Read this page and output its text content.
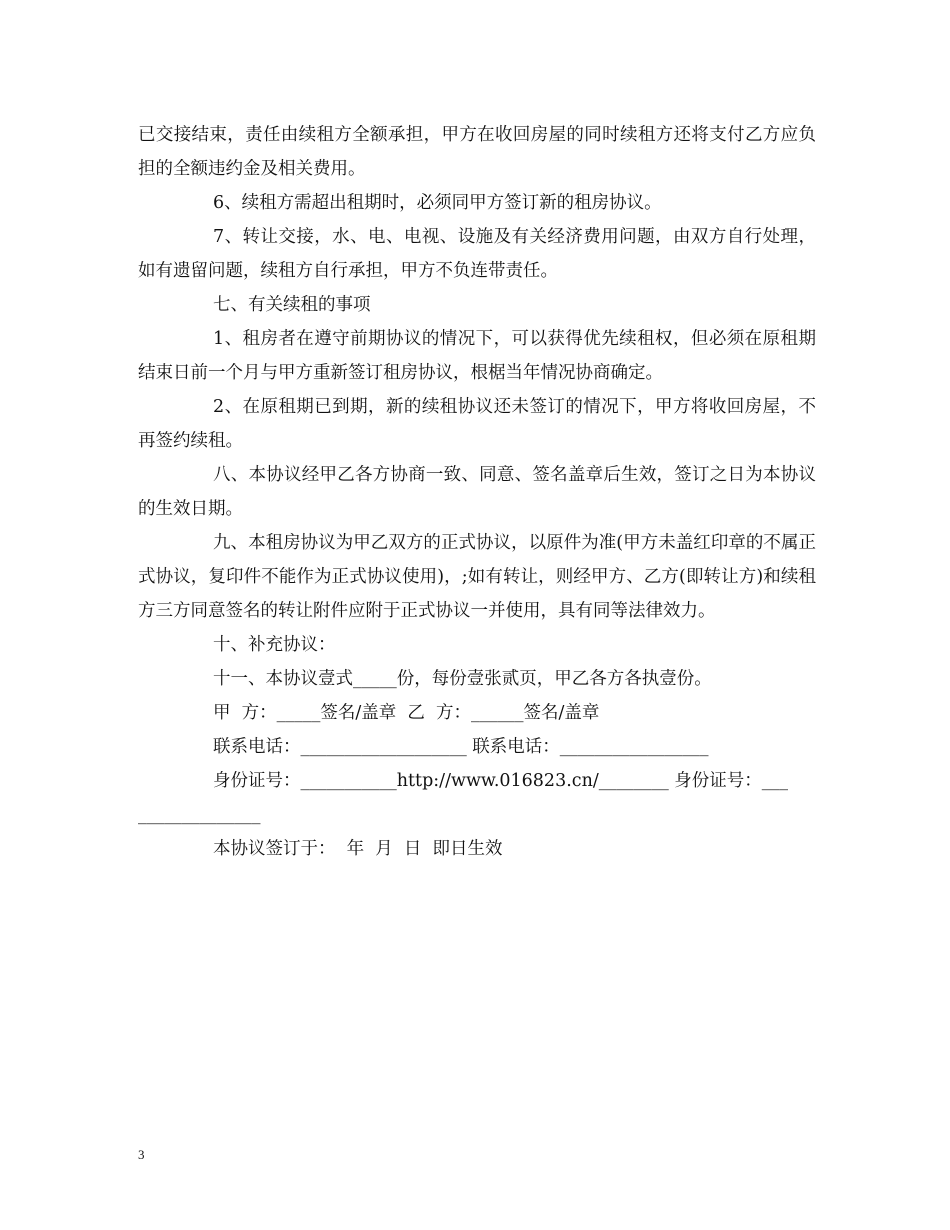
已交接结束，责任由续租方全额承担，甲方在收回房屋的同时续租方还将支付乙方应负担的全额违约金及相关费用。

6、续租方需超出租期时，必须同甲方签订新的租房协议。

7、转让交接，水、电、电视、设施及有关经济费用问题，由双方自行处理，如有遗留问题，续租方自行承担，甲方不负连带责任。

七、有关续租的事项

1、租房者在遵守前期协议的情况下，可以获得优先续租权，但必须在原租期结束日前一个月与甲方重新签订租房协议，根椐当年情况协商确定。

2、在原租期已到期，新的续租协议还未签订的情况下，甲方将收回房屋，不再签约续租。

八、本协议经甲乙各方协商一致、同意、签名盖章后生效，签订之日为本协议的生效日期。

九、本租房协议为甲乙双方的正式协议，以原件为准(甲方未盖红印章的不属正式协议，复印件不能作为正式协议使用)，;如有转让，则经甲方、乙方(即转让方)和续租方三方同意签名的转让附件应附于正式协议一并使用，具有同等法律效力。

十、补充协议：

十一、本协议壹式_____份，每份壹张贰页，甲乙各方各执壹份。

甲  方：_____签名/盖章  乙  方：______签名/盖章

联系电话：___________________ 联系电话：_________________

身份证号：___________http://www.016823.cn/________ 身份证号：___

______________

本协议签订于：  年  月  日  即日生效

3
